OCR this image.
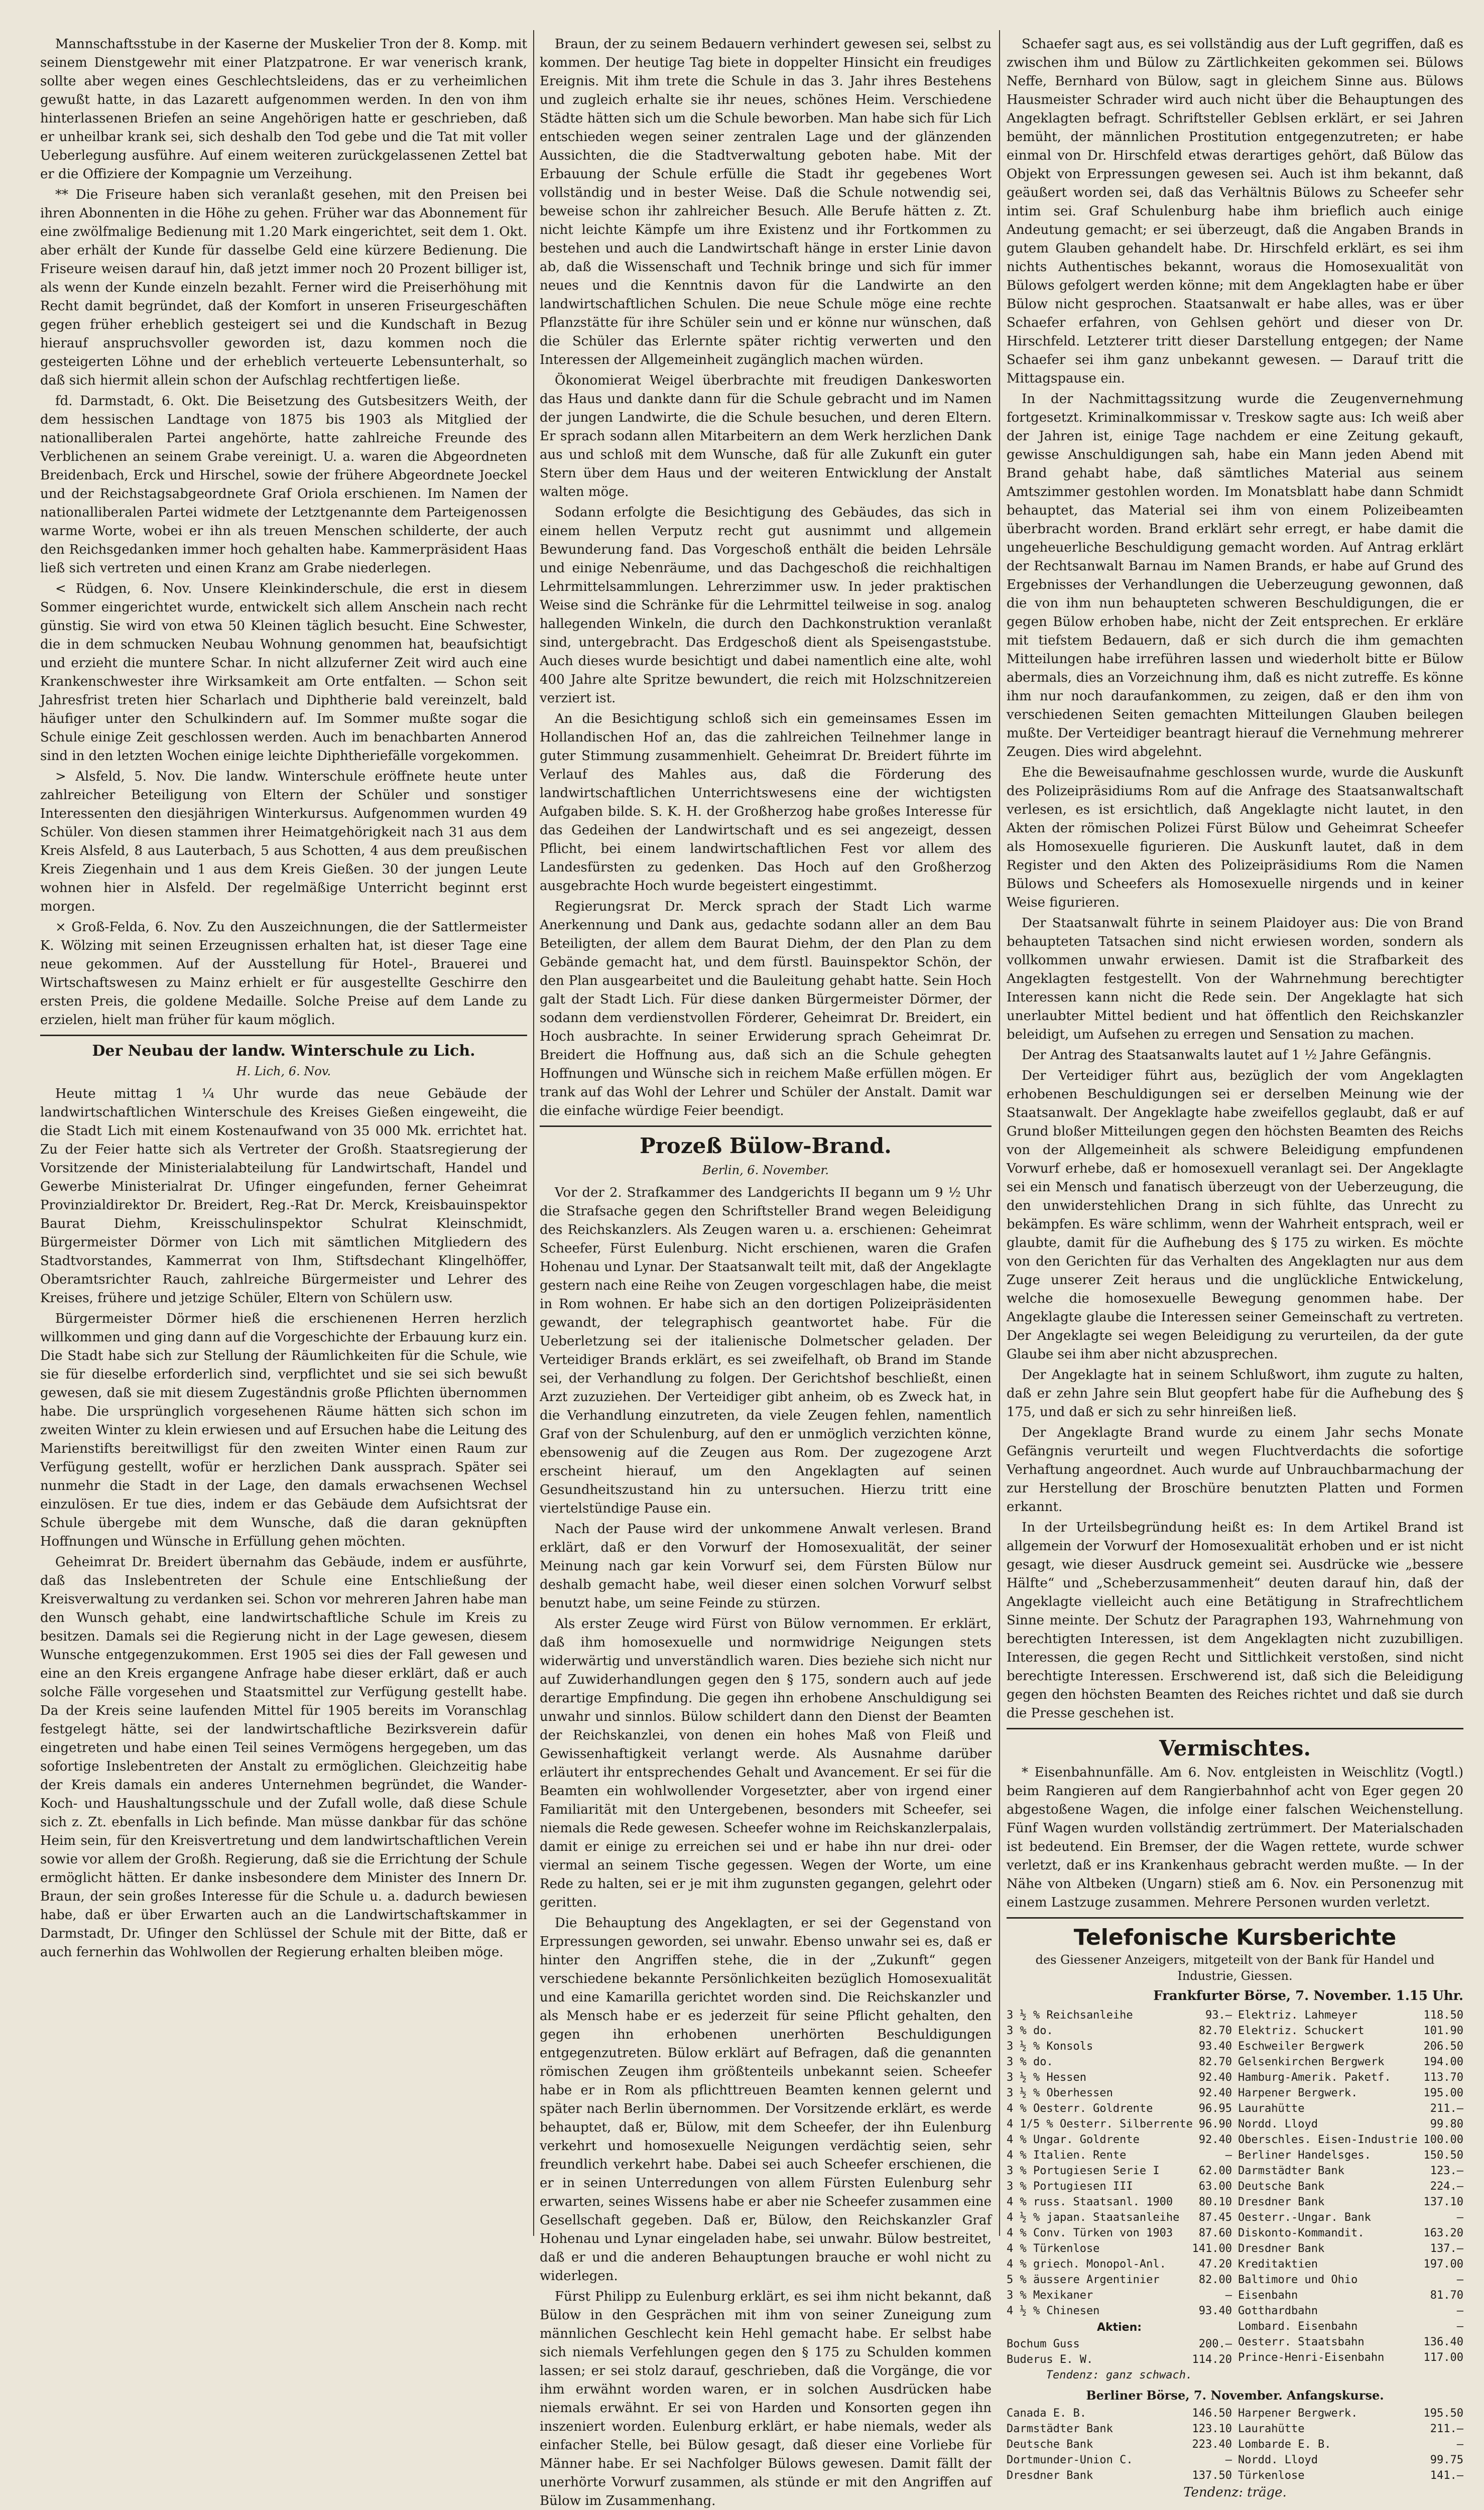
Mannschaftsstube in der Kaserne der Muskelier Tron der 8. Komp. mit seinem Dienstgewehr mit einer Platzpatrone. Er war venerisch krank, sollte aber wegen eines Geschlechtsleidens, das er zu verheimlichen gewußt hatte, in das Lazarett aufgenommen werden. In den von ihm hinterlassenen Briefen an seine Angehörigen hatte er geschrieben, daß er unheilbar krank sei, sich deshalb den Tod gebe und die Tat mit voller Ueberlegung ausführe. Auf einem weiteren zurückgelassenen Zettel bat er die Offiziere der Kompagnie um Verzeihung.

** Die Friseure haben sich veranlaßt gesehen, mit den Preisen bei ihren Abonnenten in die Höhe zu gehen. Früher war das Abonnement für eine zwölfmalige Bedienung mit 1.20 Mark eingerichtet, seit dem 1. Okt. aber erhält der Kunde für dasselbe Geld eine kürzere Bedienung. Die Friseure weisen darauf hin, daß jetzt immer noch 20 Prozent billiger ist, als wenn der Kunde einzeln bezahlt. Ferner wird die Preiserhöhung mit Recht damit begründet, daß der Komfort in unseren Friseurgeschäften gegen früher erheblich gesteigert sei und die Kundschaft in Bezug hierauf anspruchsvoller geworden ist, dazu kommen noch die gesteigerten Löhne und der erheblich verteuerte Lebensunterhalt, so daß sich hiermit allein schon der Aufschlag rechtfertigen ließe.

fd. Darmstadt, 6. Okt. Die Beisetzung des Gutsbesitzers Weith, der dem hessischen Landtage von 1875 bis 1903 als Mitglied der nationalliberalen Partei angehörte, hatte zahlreiche Freunde des Verblichenen an seinem Grabe vereinigt. U. a. waren die Abgeordneten Breidenbach, Erck und Hirschel, sowie der frühere Abgeordnete Joeckel und der Reichstagsabgeordnete Graf Oriola erschienen. Im Namen der nationalliberalen Partei widmete der Letztgenannte dem Parteigenossen warme Worte, wobei er ihn als treuen Menschen schilderte, der auch den Reichsgedanken immer hoch gehalten habe. Kammerpräsident Haas ließ sich vertreten und einen Kranz am Grabe niederlegen.

< Rüdgen, 6. Nov. Unsere Kleinkinderschule, die erst in diesem Sommer eingerichtet wurde, entwickelt sich allem Anschein nach recht günstig. Sie wird von etwa 50 Kleinen täglich besucht. Eine Schwester, die in dem schmucken Neubau Wohnung genommen hat, beaufsichtigt und erzieht die muntere Schar. In nicht allzuferner Zeit wird auch eine Krankenschwester ihre Wirksamkeit am Orte entfalten. — Schon seit Jahresfrist treten hier Scharlach und Diphtherie bald vereinzelt, bald häufiger unter den Schulkindern auf. Im Sommer mußte sogar die Schule einige Zeit geschlossen werden. Auch im benachbarten Annerod sind in den letzten Wochen einige leichte Diphtheriefälle vorgekommen.

> Alsfeld, 5. Nov. Die landw. Winterschule eröffnete heute unter zahlreicher Beteiligung von Eltern der Schüler und sonstiger Interessenten den diesjährigen Winterkursus. Aufgenommen wurden 49 Schüler. Von diesen stammen ihrer Heimatgehörigkeit nach 31 aus dem Kreis Alsfeld, 8 aus Lauterbach, 5 aus Schotten, 4 aus dem preußischen Kreis Ziegenhain und 1 aus dem Kreis Gießen. 30 der jungen Leute wohnen hier in Alsfeld. Der regelmäßige Unterricht beginnt erst morgen.

× Groß-Felda, 6. Nov. Zu den Auszeichnungen, die der Sattlermeister K. Wölzing mit seinen Erzeugnissen erhalten hat, ist dieser Tage eine neue gekommen. Auf der Ausstellung für Hotel-, Brauerei und Wirtschaftswesen zu Mainz erhielt er für ausgestellte Geschirre den ersten Preis, die goldene Medaille. Solche Preise auf dem Lande zu erzielen, hielt man früher für kaum möglich.

Der Neubau der landw. Winterschule zu Lich.
H. Lich, 6. Nov.

Heute mittag 1 ¼ Uhr wurde das neue Gebäude der landwirtschaftlichen Winterschule des Kreises Gießen eingeweiht, die die Stadt Lich mit einem Kostenaufwand von 35 000 Mk. errichtet hat. Zu der Feier hatte sich als Vertreter der Großh. Staatsregierung der Vorsitzende der Ministerialabteilung für Landwirtschaft, Handel und Gewerbe Ministerialrat Dr. Ufinger eingefunden, ferner Geheimrat Provinzialdirektor Dr. Breidert, Reg.-Rat Dr. Merck, Kreisbauinspektor Baurat Diehm, Kreisschulinspektor Schulrat Kleinschmidt, Bürgermeister Dörmer von Lich mit sämtlichen Mitgliedern des Stadtvorstandes, Kammerrat von Ihm, Stiftsdechant Klingelhöffer, Oberamtsrichter Rauch, zahlreiche Bürgermeister und Lehrer des Kreises, frühere und jetzige Schüler, Eltern von Schülern usw.

Bürgermeister Dörmer hieß die erschienenen Herren herzlich willkommen und ging dann auf die Vorgeschichte der Erbauung kurz ein. Die Stadt habe sich zur Stellung der Räumlichkeiten für die Schule, wie sie für dieselbe erforderlich sind, verpflichtet und sie sei sich bewußt gewesen, daß sie mit diesem Zugeständnis große Pflichten übernommen habe. Die ursprünglich vorgesehenen Räume hätten sich schon im zweiten Winter zu klein erwiesen und auf Ersuchen habe die Leitung des Marienstifts bereitwilligst für den zweiten Winter einen Raum zur Verfügung gestellt, wofür er herzlichen Dank aussprach. Später sei nunmehr die Stadt in der Lage, den damals erwachsenen Wechsel einzulösen. Er tue dies, indem er das Gebäude dem Aufsichtsrat der Schule übergebe mit dem Wunsche, daß die daran geknüpften Hoffnungen und Wünsche in Erfüllung gehen möchten.

Geheimrat Dr. Breidert übernahm das Gebäude, indem er ausführte, daß das Inslebentreten der Schule eine Entschließung der Kreisverwaltung zu verdanken sei. Schon vor mehreren Jahren habe man den Wunsch gehabt, eine landwirtschaftliche Schule im Kreis zu besitzen. Damals sei die Regierung nicht in der Lage gewesen, diesem Wunsche entgegenzukommen. Erst 1905 sei dies der Fall gewesen und eine an den Kreis ergangene Anfrage habe dieser erklärt, daß er auch solche Fälle vorgesehen und Staatsmittel zur Verfügung gestellt habe. Da der Kreis seine laufenden Mittel für 1905 bereits im Voranschlag festgelegt hätte, sei der landwirtschaftliche Bezirksverein dafür eingetreten und habe einen Teil seines Vermögens hergegeben, um das sofortige Inslebentreten der Anstalt zu ermöglichen. Gleichzeitig habe der Kreis damals ein anderes Unternehmen begründet, die Wander-Koch- und Haushaltungsschule und der Zufall wolle, daß diese Schule sich z. Zt. ebenfalls in Lich befinde. Man müsse dankbar für das schöne Heim sein, für den Kreisvertretung und dem landwirtschaftlichen Verein sowie vor allem der Großh. Regierung, daß sie die Errichtung der Schule ermöglicht hätten. Er danke insbesondere dem Minister des Innern Dr. Braun, der sein großes Interesse für die Schule u. a. dadurch bewiesen habe, daß er über Erwarten auch an die Landwirtschaftskammer in Darmstadt, Dr. Ufinger den Schlüssel der Schule mit der Bitte, daß er auch fernerhin das Wohlwollen der Regierung erhalten bleiben möge.

Braun, der zu seinem Bedauern verhindert gewesen sei, selbst zu kommen. Der heutige Tag biete in doppelter Hinsicht ein freudiges Ereignis. Mit ihm trete die Schule in das 3. Jahr ihres Bestehens und zugleich erhalte sie ihr neues, schönes Heim. Verschiedene Städte hätten sich um die Schule beworben. Man habe sich für Lich entschieden wegen seiner zentralen Lage und der glänzenden Aussichten, die die Stadtverwaltung geboten habe. Mit der Erbauung der Schule erfülle die Stadt ihr gegebenes Wort vollständig und in bester Weise. Daß die Schule notwendig sei, beweise schon ihr zahlreicher Besuch. Alle Berufe hätten z. Zt. nicht leichte Kämpfe um ihre Existenz und ihr Fortkommen zu bestehen und auch die Landwirtschaft hänge in erster Linie davon ab, daß die Wissenschaft und Technik bringe und sich für immer neues und die Kenntnis davon für die Landwirte an den landwirtschaftlichen Schulen. Die neue Schule möge eine rechte Pflanzstätte für ihre Schüler sein und er könne nur wünschen, daß die Schüler das Erlernte später richtig verwerten und den Interessen der Allgemeinheit zugänglich machen würden.

Ökonomierat Weigel überbrachte mit freudigen Dankesworten das Haus und dankte dann für die Schule gebracht und im Namen der jungen Landwirte, die die Schule besuchen, und deren Eltern. Er sprach sodann allen Mitarbeitern an dem Werk herzlichen Dank aus und schloß mit dem Wunsche, daß für alle Zukunft ein guter Stern über dem Haus und der weiteren Entwicklung der Anstalt walten möge.

Sodann erfolgte die Besichtigung des Gebäudes, das sich in einem hellen Verputz recht gut ausnimmt und allgemein Bewunderung fand. Das Vorgeschoß enthält die beiden Lehrsäle und einige Nebenräume, und das Dachgeschoß die reichhaltigen Lehrmittelsammlungen. Lehrerzimmer usw. In jeder praktischen Weise sind die Schränke für die Lehrmittel teilweise in sog. analog hallegenden Winkeln, die durch den Dachkonstruktion veranlaßt sind, untergebracht. Das Erdgeschoß dient als Speisengaststube. Auch dieses wurde besichtigt und dabei namentlich eine alte, wohl 400 Jahre alte Spritze bewundert, die reich mit Holzschnitzereien verziert ist.

An die Besichtigung schloß sich ein gemeinsames Essen im Hollandischen Hof an, das die zahlreichen Teilnehmer lange in guter Stimmung zusammenhielt. Geheimrat Dr. Breidert führte im Verlauf des Mahles aus, daß die Förderung des landwirtschaftlichen Unterrichtswesens eine der wichtigsten Aufgaben bilde. S. K. H. der Großherzog habe großes Interesse für das Gedeihen der Landwirtschaft und es sei angezeigt, dessen Pflicht, bei einem landwirtschaftlichen Fest vor allem des Landesfürsten zu gedenken. Das Hoch auf den Großherzog ausgebrachte Hoch wurde begeistert eingestimmt.

Regierungsrat Dr. Merck sprach der Stadt Lich warme Anerkennung und Dank aus, gedachte sodann aller an dem Bau Beteiligten, der allem dem Baurat Diehm, der den Plan zu dem Gebände gemacht hat, und dem fürstl. Bauinspektor Schön, der den Plan ausgearbeitet und die Bauleitung gehabt hatte. Sein Hoch galt der Stadt Lich. Für diese danken Bürgermeister Dörmer, der sodann dem verdienstvollen Förderer, Geheimrat Dr. Breidert, ein Hoch ausbrachte. In seiner Erwiderung sprach Geheimrat Dr. Breidert die Hoffnung aus, daß sich an die Schule gehegten Hoffnungen und Wünsche sich in reichem Maße erfüllen mögen. Er trank auf das Wohl der Lehrer und Schüler der Anstalt. Damit war die einfache würdige Feier beendigt.

Prozeß Bülow-Brand.
Berlin, 6. November.

Vor der 2. Strafkammer des Landgerichts II begann um 9 ½ Uhr die Strafsache gegen den Schriftsteller Brand wegen Beleidigung des Reichskanzlers. Als Zeugen waren u. a. erschienen: Geheimrat Scheefer, Fürst Eulenburg. Nicht erschienen, waren die Grafen Hohenau und Lynar. Der Staatsanwalt teilt mit, daß der Angeklagte gestern nach eine Reihe von Zeugen vorgeschlagen habe, die meist in Rom wohnen. Er habe sich an den dortigen Polizeipräsidenten gewandt, der telegraphisch geantwortet habe. Für die Ueberletzung sei der italienische Dolmetscher geladen. Der Verteidiger Brands erklärt, es sei zweifelhaft, ob Brand im Stande sei, der Verhandlung zu folgen. Der Gerichtshof beschließt, einen Arzt zuzuziehen. Der Verteidiger gibt anheim, ob es Zweck hat, in die Verhandlung einzutreten, da viele Zeugen fehlen, namentlich Graf von der Schulenburg, auf den er unmöglich verzichten könne, ebensowenig auf die Zeugen aus Rom. Der zugezogene Arzt erscheint hierauf, um den Angeklagten auf seinen Gesundheitszustand hin zu untersuchen. Hierzu tritt eine viertelstündige Pause ein.

Nach der Pause wird der unkommene Anwalt verlesen. Brand erklärt, daß er den Vorwurf der Homosexualität, der seiner Meinung nach gar kein Vorwurf sei, dem Fürsten Bülow nur deshalb gemacht habe, weil dieser einen solchen Vorwurf selbst benutzt habe, um seine Feinde zu stürzen.

Als erster Zeuge wird Fürst von Bülow vernommen. Er erklärt, daß ihm homosexuelle und normwidrige Neigungen stets widerwärtig und unverständlich waren. Dies beziehe sich nicht nur auf Zuwiderhandlungen gegen den § 175, sondern auch auf jede derartige Empfindung. Die gegen ihn erhobene Anschuldigung sei unwahr und sinnlos. Bülow schildert dann den Dienst der Beamten der Reichskanzlei, von denen ein hohes Maß von Fleiß und Gewissenhaftigkeit verlangt werde. Als Ausnahme darüber erläutert ihr entsprechendes Gehalt und Avancement. Er sei für die Beamten ein wohlwollender Vorgesetzter, aber von irgend einer Familiarität mit den Untergebenen, besonders mit Scheefer, sei niemals die Rede gewesen. Scheefer wohne im Reichskanzlerpalais, damit er einige zu erreichen sei und er habe ihn nur drei- oder viermal an seinem Tische gegessen. Wegen der Worte, um eine Rede zu halten, sei er je mit ihm zugunsten gegangen, gelehrt oder geritten.

Die Behauptung des Angeklagten, er sei der Gegenstand von Erpressungen geworden, sei unwahr. Ebenso unwahr sei es, daß er hinter den Angriffen stehe, die in der „Zukunft“ gegen verschiedene bekannte Persönlichkeiten bezüglich Homosexualität und eine Kamarilla gerichtet worden sind. Die Reichskanzler und als Mensch habe er es jederzeit für seine Pflicht gehalten, den gegen ihn erhobenen unerhörten Beschuldigungen entgegenzutreten. Bülow erklärt auf Befragen, daß die genannten römischen Zeugen ihm größtenteils unbekannt seien. Scheefer habe er in Rom als pflichttreuen Beamten kennen gelernt und später nach Berlin übernommen. Der Vorsitzende erklärt, es werde behauptet, daß er, Bülow, mit dem Scheefer, der ihn Eulenburg verkehrt und homosexuelle Neigungen verdächtig seien, sehr freundlich verkehrt habe. Dabei sei auch Scheefer erschienen, die er in seinen Unterredungen von allem Fürsten Eulenburg sehr erwarten, seines Wissens habe er aber nie Scheefer zusammen eine Gesellschaft gegeben. Daß er, Bülow, den Reichskanzler Graf Hohenau und Lynar eingeladen habe, sei unwahr. Bülow bestreitet, daß er und die anderen Behauptungen brauche er wohl nicht zu widerlegen.

Fürst Philipp zu Eulenburg erklärt, es sei ihm nicht bekannt, daß Bülow in den Gesprächen mit ihm von seiner Zuneigung zum männlichen Geschlecht kein Hehl gemacht habe. Er selbst habe sich niemals Verfehlungen gegen den § 175 zu Schulden kommen lassen; er sei stolz darauf, geschrieben, daß die Vorgänge, die vor ihm erwähnt worden waren, er in solchen Ausdrücken habe niemals erwähnt. Er sei von Harden und Konsorten gegen ihn inszeniert worden. Eulenburg erklärt, er habe niemals, weder als einfacher Stelle, bei Bülow gesagt, daß dieser eine Vorliebe für Männer habe. Er sei Nachfolger Bülows gewesen. Damit fällt der unerhörte Vorwurf zusammen, als stünde er mit den Angriffen auf Bülow im Zusammenhang.

Schaefer sagt aus, es sei vollständig aus der Luft gegriffen, daß es zwischen ihm und Bülow zu Zärtlichkeiten gekommen sei. Bülows Neffe, Bernhard von Bülow, sagt in gleichem Sinne aus. Bülows Hausmeister Schrader wird auch nicht über die Behauptungen des Angeklagten befragt. Schriftsteller Geblsen erklärt, er sei Jahren bemüht, der männlichen Prostitution entgegenzutreten; er habe einmal von Dr. Hirschfeld etwas derartiges gehört, daß Bülow das Objekt von Erpressungen gewesen sei. Auch ist ihm bekannt, daß geäußert worden sei, daß das Verhältnis Bülows zu Scheefer sehr intim sei. Graf Schulenburg habe ihm brieflich auch einige Andeutung gemacht; er sei überzeugt, daß die Angaben Brands in gutem Glauben gehandelt habe. Dr. Hirschfeld erklärt, es sei ihm nichts Authentisches bekannt, woraus die Homosexualität von Bülows gefolgert werden könne; mit dem Angeklagten habe er über Bülow nicht gesprochen. Staatsanwalt er habe alles, was er über Schaefer erfahren, von Gehlsen gehört und dieser von Dr. Hirschfeld. Letzterer tritt dieser Darstellung entgegen; der Name Schaefer sei ihm ganz unbekannt gewesen. — Darauf tritt die Mittagspause ein.

In der Nachmittagssitzung wurde die Zeugenvernehmung fortgesetzt. Kriminalkommissar v. Treskow sagte aus: Ich weiß aber der Jahren ist, einige Tage nachdem er eine Zeitung gekauft, gewisse Anschuldigungen sah, habe ein Mann jeden Abend mit Brand gehabt habe, daß sämtliches Material aus seinem Amtszimmer gestohlen worden. Im Monatsblatt habe dann Schmidt behauptet, das Material sei ihm von einem Polizeibeamten überbracht worden. Brand erklärt sehr erregt, er habe damit die ungeheuerliche Beschuldigung gemacht worden. Auf Antrag erklärt der Rechtsanwalt Barnau im Namen Brands, er habe auf Grund des Ergebnisses der Verhandlungen die Ueberzeugung gewonnen, daß die von ihm nun behaupteten schweren Beschuldigungen, die er gegen Bülow erhoben habe, nicht der Zeit entsprechen. Er erkläre mit tiefstem Bedauern, daß er sich durch die ihm gemachten Mitteilungen habe irreführen lassen und wiederholt bitte er Bülow abermals, dies an Vorzeichnung ihm, daß es nicht zutreffe. Es könne ihm nur noch daraufankommen, zu zeigen, daß er den ihm von verschiedenen Seiten gemachten Mitteilungen Glauben beilegen mußte. Der Verteidiger beantragt hierauf die Vernehmung mehrerer Zeugen. Dies wird abgelehnt.

Ehe die Beweisaufnahme geschlossen wurde, wurde die Auskunft des Polizeipräsidiums Rom auf die Anfrage des Staatsanwaltschaft verlesen, es ist ersichtlich, daß Angeklagte nicht lautet, in den Akten der römischen Polizei Fürst Bülow und Geheimrat Scheefer als Homosexuelle figurieren. Die Auskunft lautet, daß in dem Register und den Akten des Polizeipräsidiums Rom die Namen Bülows und Scheefers als Homosexuelle nirgends und in keiner Weise figurieren.

Der Staatsanwalt führte in seinem Plaidoyer aus: Die von Brand behaupteten Tatsachen sind nicht erwiesen worden, sondern als vollkommen unwahr erwiesen. Damit ist die Strafbarkeit des Angeklagten festgestellt. Von der Wahrnehmung berechtigter Interessen kann nicht die Rede sein. Der Angeklagte hat sich unerlaubter Mittel bedient und hat öffentlich den Reichskanzler beleidigt, um Aufsehen zu erregen und Sensation zu machen.

Der Antrag des Staatsanwalts lautet auf 1 ½ Jahre Gefängnis.

Der Verteidiger führt aus, bezüglich der vom Angeklagten erhobenen Beschuldigungen sei er derselben Meinung wie der Staatsanwalt. Der Angeklagte habe zweifellos geglaubt, daß er auf Grund bloßer Mitteilungen gegen den höchsten Beamten des Reichs von der Allgemeinheit als schwere Beleidigung empfundenen Vorwurf erhebe, daß er homosexuell veranlagt sei. Der Angeklagte sei ein Mensch und fanatisch überzeugt von der Ueberzeugung, die den unwiderstehlichen Drang in sich fühlte, das Unrecht zu bekämpfen. Es wäre schlimm, wenn der Wahrheit entsprach, weil er glaubte, damit für die Aufhebung des § 175 zu wirken. Es möchte von den Gerichten für das Verhalten des Angeklagten nur aus dem Zuge unserer Zeit heraus und die unglückliche Entwickelung, welche die homosexuelle Bewegung genommen habe. Der Angeklagte glaube die Interessen seiner Gemeinschaft zu vertreten. Der Angeklagte sei wegen Beleidigung zu verurteilen, da der gute Glaube sei ihm aber nicht abzusprechen.

Der Angeklagte hat in seinem Schlußwort, ihm zugute zu halten, daß er zehn Jahre sein Blut geopfert habe für die Aufhebung des § 175, und daß er sich zu sehr hinreißen ließ.

Der Angeklagte Brand wurde zu einem Jahr sechs Monate Gefängnis verurteilt und wegen Fluchtverdachts die sofortige Verhaftung angeordnet. Auch wurde auf Unbrauchbarmachung der zur Herstellung der Broschüre benutzten Platten und Formen erkannt.

In der Urteilsbegründung heißt es: In dem Artikel Brand ist allgemein der Vorwurf der Homosexualität erhoben und er ist nicht gesagt, wie dieser Ausdruck gemeint sei. Ausdrücke wie „bessere Hälfte“ und „Scheberzusammenheit“ deuten darauf hin, daß der Angeklagte vielleicht auch eine Betätigung in Strafrechtlichem Sinne meinte. Der Schutz der Paragraphen 193, Wahrnehmung von berechtigten Interessen, ist dem Angeklagten nicht zuzubilligen. Interessen, die gegen Recht und Sittlichkeit verstoßen, sind nicht berechtigte Interessen. Erschwerend ist, daß sich die Beleidigung gegen den höchsten Beamten des Reiches richtet und daß sie durch die Presse geschehen ist.

Vermischtes.

* Eisenbahnunfälle. Am 6. Nov. entgleisten in Weischlitz (Vogtl.) beim Rangieren auf dem Rangierbahnhof acht von Eger gegen 20 abgestoßene Wagen, die infolge einer falschen Weichenstellung. Fünf Wagen wurden vollständig zertrümmert. Der Materialschaden ist bedeutend. Ein Bremser, der die Wagen rettete, wurde schwer verletzt, daß er ins Krankenhaus gebracht werden mußte. — In der Nähe von Altbeken (Ungarn) stieß am 6. Nov. ein Personenzug mit einem Lastzuge zusammen. Mehrere Personen wurden verletzt.

Telefonische Kursberichte
des Giessener Anzeigers, mitgeteilt von der Bank für Handel und Industrie, Giessen.
Frankfurter Börse, 7. November. 1.15 Uhr.
3 ½ % Reichsanleihe	93.—
3 % do.	82.70
3 ½ % Konsols	93.40
3 % do.	82.70
3 ½ % Hessen	92.40
3 ½ % Oberhessen	92.40
4 % Oesterr. Goldrente	96.95
4 1/5 % Oesterr. Silberrente 96.90
4 % Ungar. Goldrente	92.40
4 % Italien. Rente	—
3 % Portugiesen Serie I	62.00
3 % Portugiesen III	63.00
4 % russ. Staatsanl. 1900 80.10
4 ½ % japan. Staatsanleihe 87.45
4 % Conv. Türken von 1903 87.60
4 % Türkenlose	141.00
4 % griech. Monopol-Anl.	47.20
5 % äussere Argentinier	82.00
3 % Mexikaner	—
4 ½ % Chinesen	93.40
Aktien:
Bochum Guss	200.—
Buderus E. W.	114.20
Tendenz: ganz schwach.
Elektriz. Lahmeyer	118.50
Elektriz. Schuckert	101.90
Eschweiler Bergwerk	206.50
Gelsenkirchen Bergwerk	194.00
Hamburg-Amerik. Paketf.	113.70
Harpener Bergwerk.	195.00
Laurahütte	211.—
Nordd. Lloyd	99.80
Oberschles. Eisen-Industrie 100.00
Berliner Handelsges.	150.50
Darmstädter Bank	123.—
Deutsche Bank	224.—
Dresdner Bank	137.10
Oesterr.-Ungar. Bank	—
Diskonto-Kommandit.	163.20
Dresdner Bank	137.—
Kreditaktien	197.00
Baltimore und Ohio	—
Eisenbahn	81.70
Gotthardbahn	—
Lombard. Eisenbahn	—
Oesterr. Staatsbahn	136.40
Prince-Henri-Eisenbahn	117.00
Berliner Börse, 7. November. Anfangskurse.
Canada E. B.	146.50
Darmstädter Bank	123.10
Deutsche Bank	223.40
Dortmunder-Union C.	—
Dresdner Bank	137.50
Harpener Bergwerk.	195.50
Laurahütte	211.—
Lombarde E. B.	—
Nordd. Lloyd	99.75
Türkenlose	141.—
Tendenz: träge.
